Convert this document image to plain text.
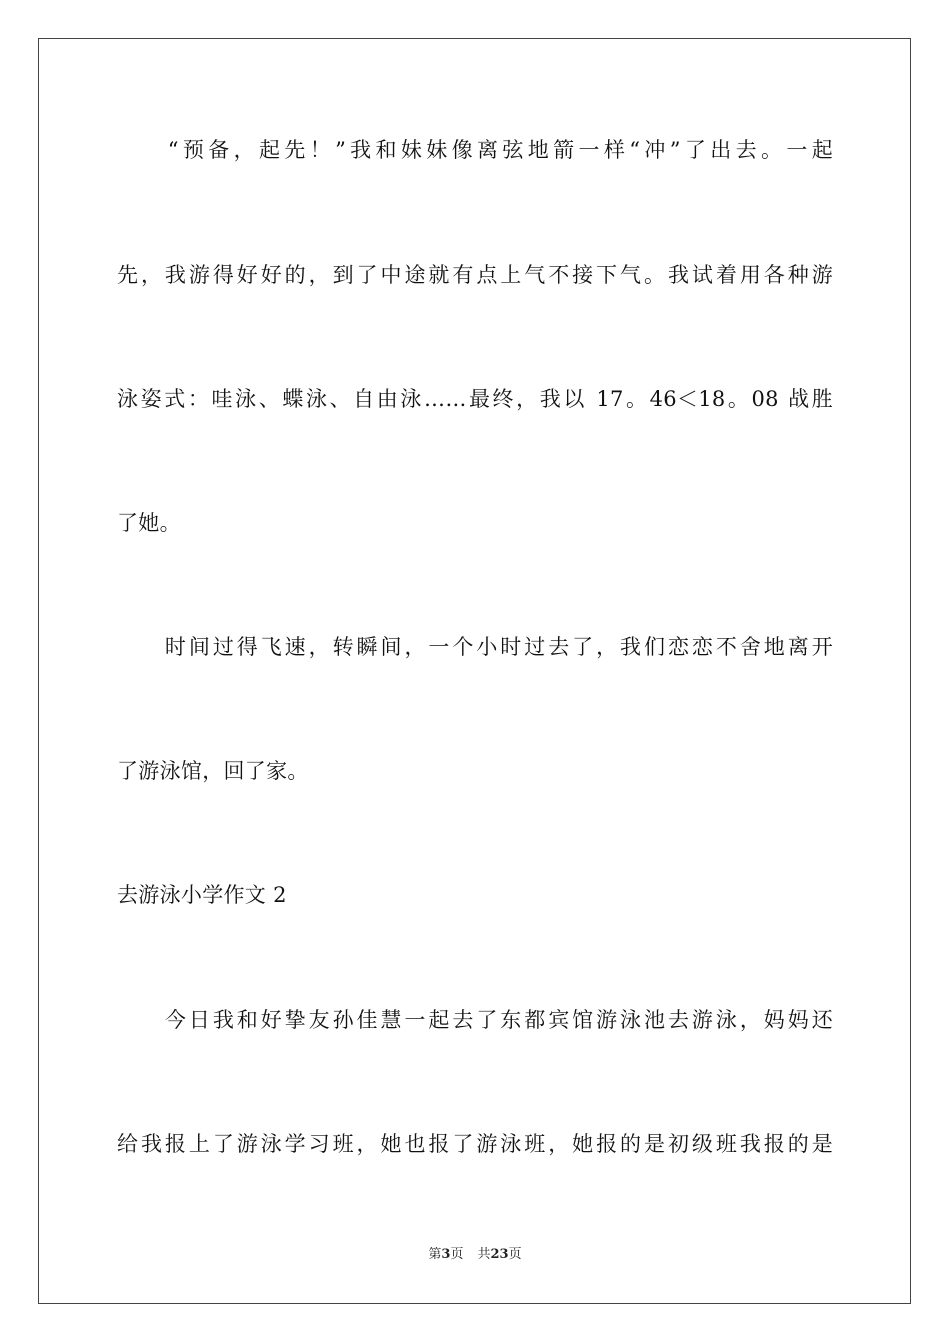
　　“预备，起先！”我和妹妹像离弦地箭一样“冲”了出去。一起
先，我游得好好的，到了中途就有点上气不接下气。我试着用各种游
泳姿式：哇泳、蝶泳、自由泳……最终，我以 17。46＜18。08 战胜
了她。
　　时间过得飞速，转瞬间，一个小时过去了，我们恋恋不舍地离开
了游泳馆，回了家。
去游泳小学作文 2
　　今日我和好挚友孙佳慧一起去了东都宾馆游泳池去游泳，妈妈还
给我报上了游泳学习班，她也报了游泳班，她报的是初级班我报的是
第3页 共23页
